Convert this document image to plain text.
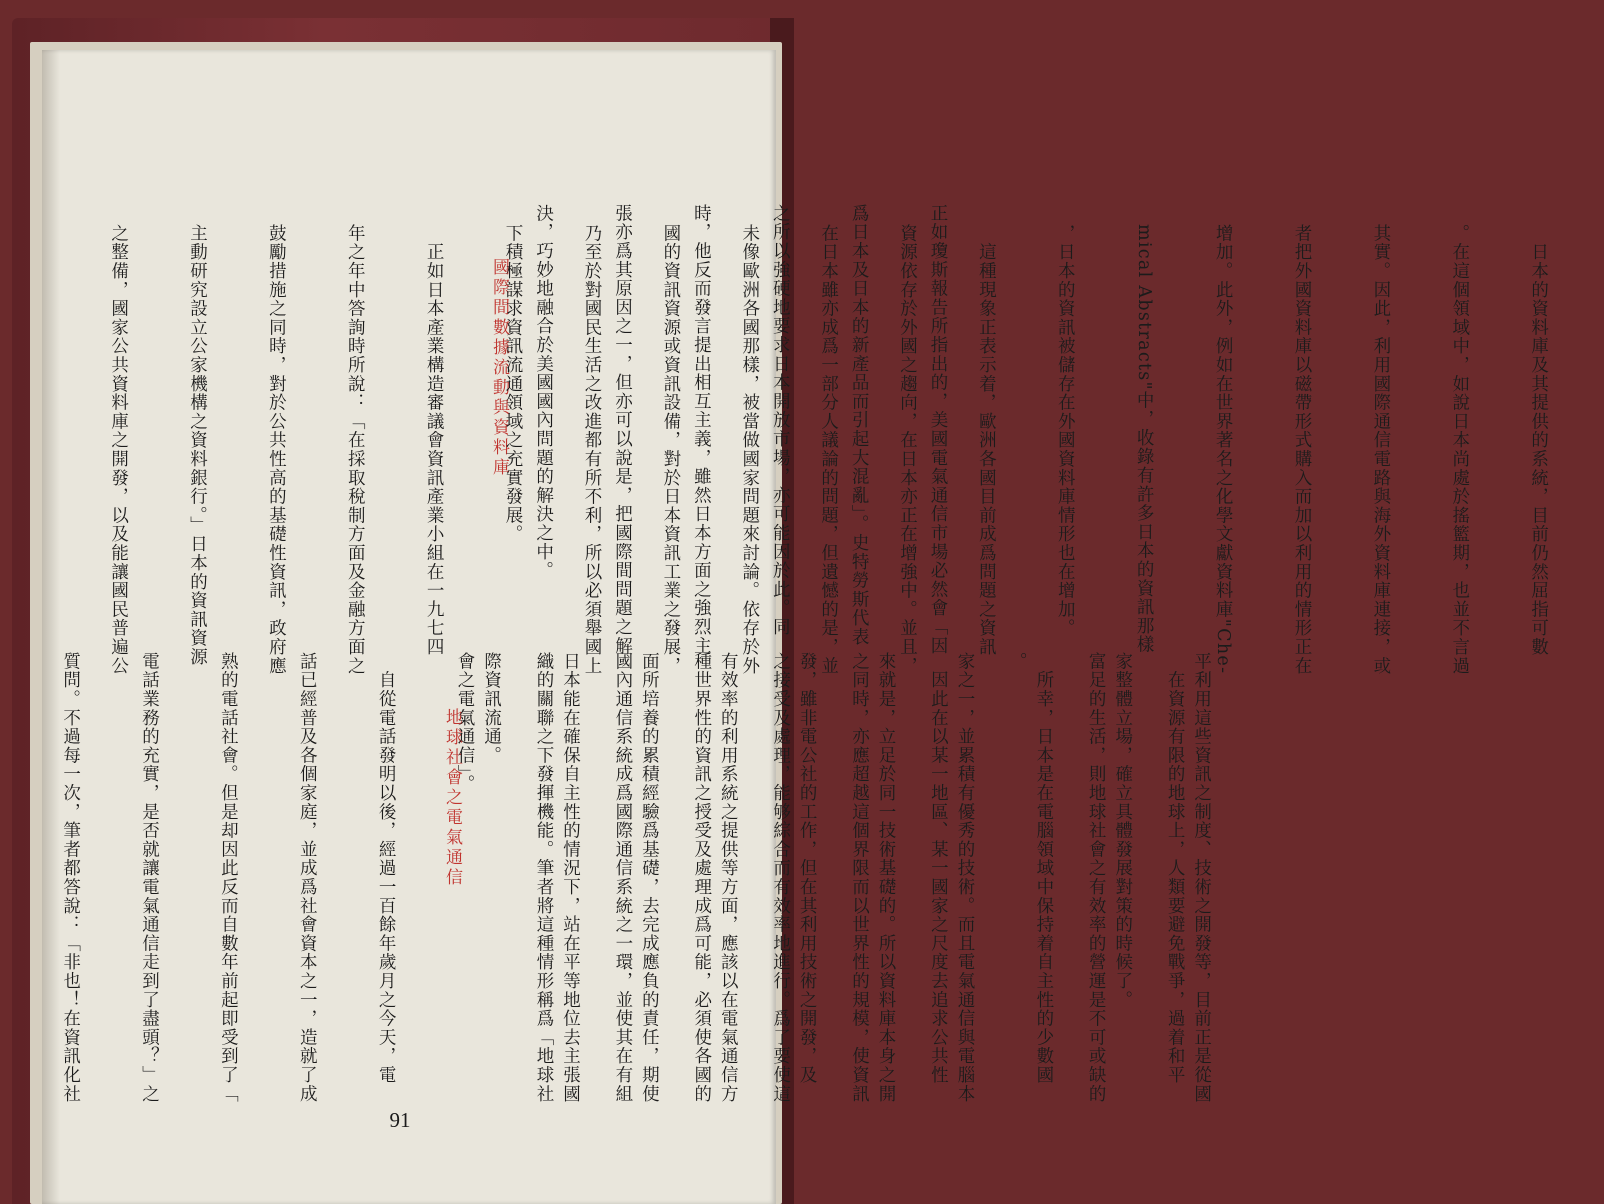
正如瓊斯報告所指出的，美國電氣通信市場必然會「因

爲日本及日本的新產品而引起大混亂」。史特勞斯代表

之所以強硬地要求日本開放市場，亦可能因於此。同

時，他反而發言提出相互主義，雖然日本方面之強烈主

張亦爲其原因之一，但亦可以說是，把國際間問題之解

決，巧妙地融合於美國國內問題的解決之中。

國際間數據流動與資料庫

	　日本的資料庫及其提供的系統，目前仍然屈指可數

。在這個領域中，如說日本尚處於搖籃期，也並不言過

其實。因此，利用國際通信電路與海外資料庫連接，或

者把外國資料庫以磁帶形式購入而加以利用的情形正在

增加。此外，例如在世界著名之化學文獻資料庫"Che-

mical Abstracts"中，收錄有許多日本的資訊那樣

，日本的資訊被儲存在外國資料庫情形也在增加。

　這種現象正表示着，歐洲各國目前成爲問題之資訊

資源依存於外國之趨向，在日本亦正在增強中。並且，

在日本雖亦成爲一部分人議論的問題，但遺憾的是，並

未像歐洲各國那樣，被當做國家問題來討論。依存於外

國的資訊資源或資訊設備，對於日本資訊工業之發展，

乃至於對國民生活之改進都有所不利，所以必須舉國上

下積極謀求資訊流通領域之充實發展。

　正如日本產業構造審議會資訊產業小組在一九七四

年之年中答詢時所說：「在採取稅制方面及金融方面之

鼓勵措施之同時，對於公共性高的基礎性資訊，政府應

主動研究設立公家機構之資料銀行。」日本的資訊資源

之整備，國家公共資料庫之開發，以及能讓國民普遍公

平利用這些資訊之制度、技術之開發等，目前正是從國

家整體立場，確立具體發展對策的時候了。

　所幸，日本是在電腦領域中保持着自主性的少數國

家之一，並累積有優秀的技術。而且電氣通信與電腦本

來就是，立足於同一技術基礎的。所以資料庫本身之開

發，雖非電公社的工作，但在其利用技術之開發，及

有效率的利用系統之提供等方面，應該以在電氣通信方

面所培養的累積經驗爲基礎，去完成應負的責任，期使

日本能在確保自主性的情況下，站在平等地位去主張國

際資訊流通。

地球社會之電氣通信

	　在資源有限的地球上，人類要避免戰爭，過着和平

富足的生活，則地球社會之有效率的營運是不可或缺的

。

　因此在以某一地區、某一國家之尺度去追求公共性

之同時，亦應超越這個界限而以世界性的規模，使資訊

之接受及處理，能够綜合而有效率地進行。爲了要使這

種世界性的資訊之授受及處理成爲可能，必須使各國的

國內通信系統成爲國際通信系統之一環，並使其在有組

織的關聯之下發揮機能。筆者將這種情形稱爲「地球社

會之電氣通信」。

　自從電話發明以後，經過一百餘年歲月之今天，電

話已經普及各個家庭，並成爲社會資本之一，造就了成

熟的電話社會。但是却因此反而自數年前起即受到了「

電話業務的充實，是否就讓電氣通信走到了盡頭？」之

質問。不過每一次，筆者都答說：「非也！在資訊化社

91
